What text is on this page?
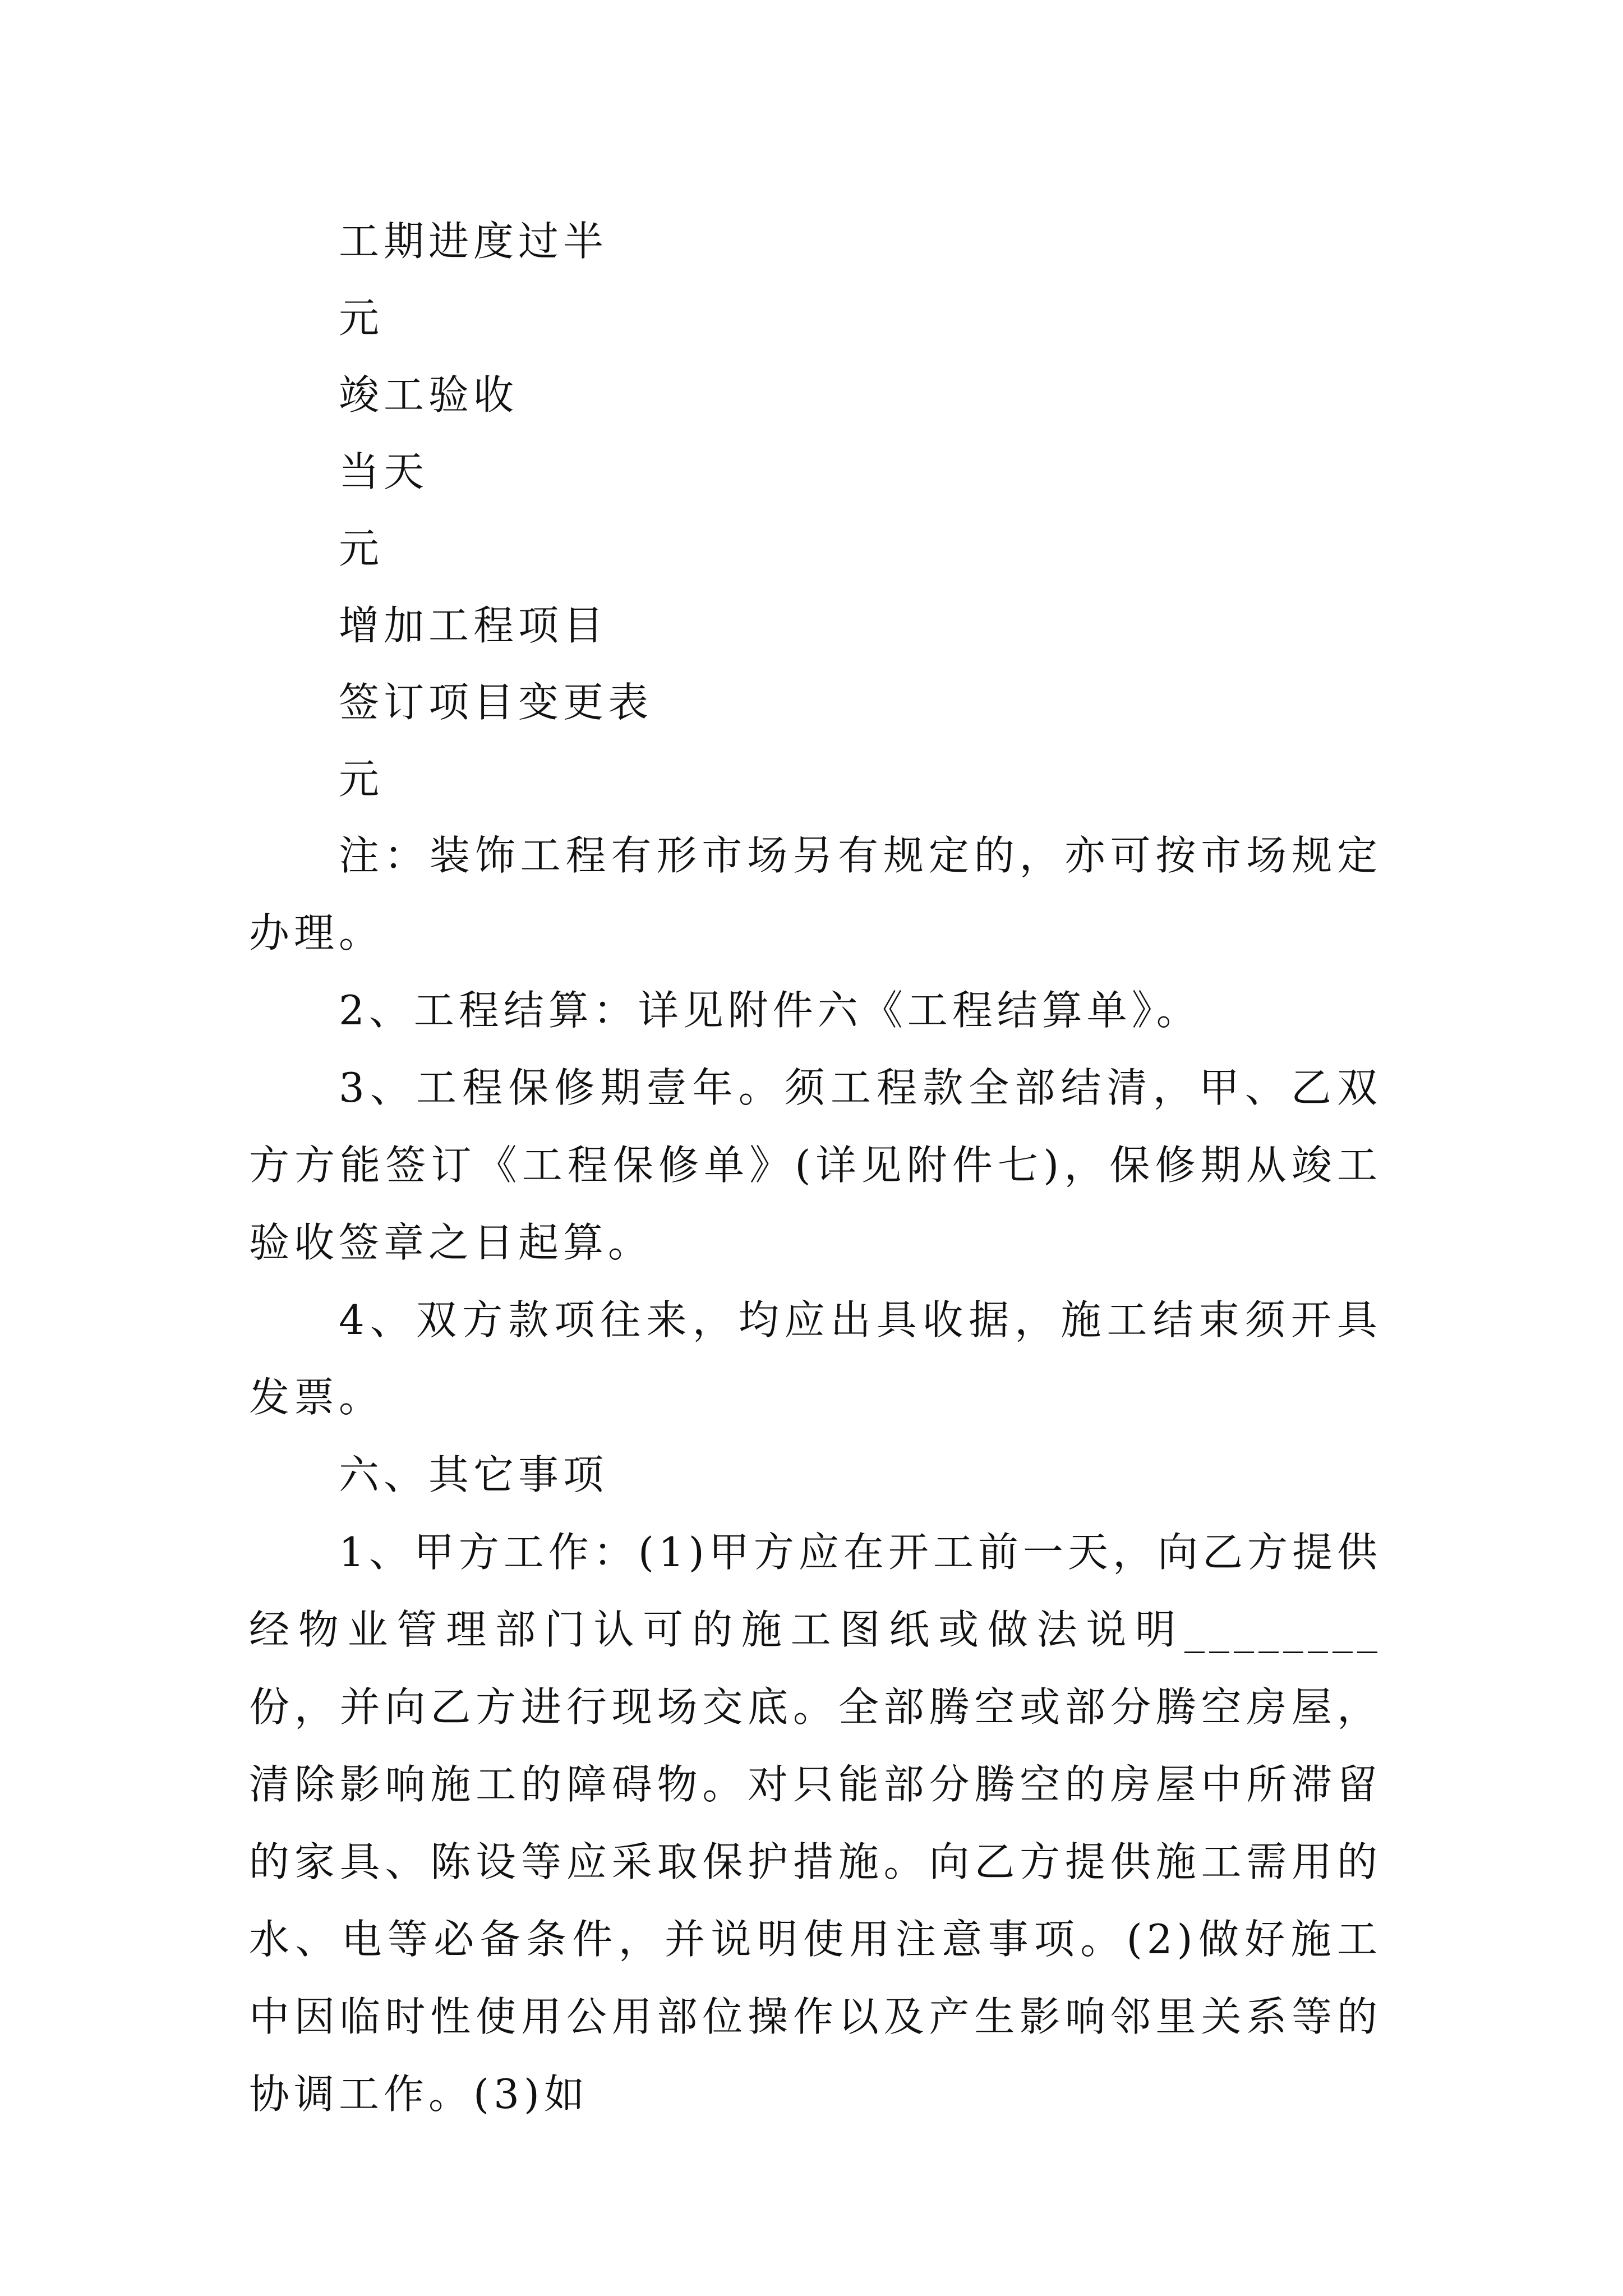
工期进度过半

元

竣工验收

当天

元

增加工程项目

签订项目变更表

元

注：装饰工程有形市场另有规定的，亦可按市场规定办理。

2、工程结算：详见附件六《工程结算单》。

3、工程保修期壹年。须工程款全部结清，甲、乙双方方能签订《工程保修单》(详见附件七)，保修期从竣工验收签章之日起算。

4、双方款项往来，均应出具收据，施工结束须开具发票。

六、其它事项

1、甲方工作：(1)甲方应在开工前一天，向乙方提供经物业管理部门认可的施工图纸或做法说明________份，并向乙方进行现场交底。全部腾空或部分腾空房屋，清除影响施工的障碍物。对只能部分腾空的房屋中所滞留的家具、陈设等应采取保护措施。向乙方提供施工需用的水、电等必备条件，并说明使用注意事项。(2)做好施工中因临时性使用公用部位操作以及产生影响邻里关系等的协调工作。(3)如
